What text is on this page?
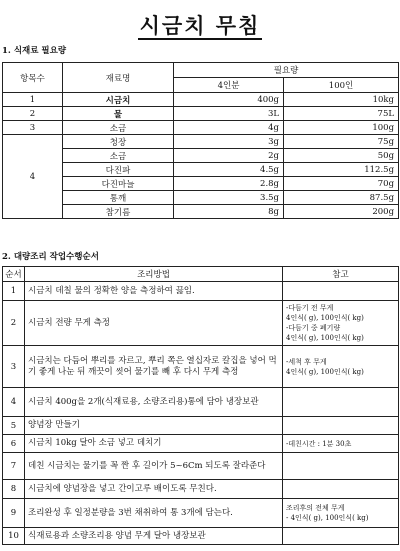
시금치 무침
1. 식재료 필요량
항목수	재료명	필요량	
		4인분	100인
1	시금치	400g	10kg
2	물	3L	75L
3	소금	4g	100g
4	청장	3g	75g
	소금	2g	50g
	다진파	4.5g	112.5g
	다진마늘	2.8g	70g
	통깨	3.5g	87.5g
	참기름	8g	200g
2. 대량조리 작업수행순서
순서	조리방법	참고
1	시금치 데칠 물의 정확한 양을 측정하여 끓임.	
2	시금치 전량 무게 측정	-다듬기 전 무게
4인식( g), 100인식( kg)
-다듬기 중 폐기량
4인식( g), 100인식( kg)

3	시금치는 다듬어 뿌리를 자르고, 뿌리 쪽은 열십자로 칼집을 넣어 먹기 좋게 나눈 뒤 깨끗이 씻어 물기를 빼 후 다시 무게 측정	-세척 후 무게
4인식( g), 100인식( kg)

4	시금치 400g을 2개(식재료용, 소량조리용)통에 담아 냉장보관	
5	양념장 만들기	
6	시금치 10kg 달아 소금 넣고 데치기	-데친시간 : 1분 30초

7	데친 시금치는 물기를 꼭 짠 후 길이가 5~6Cm 되도록 잘라준다	
8	시금치에 양념장을 넣고 간이고루 배이도록 무친다.	
9	조리완성 후 일정분량을 3번 채취하여 통 3개에 담는다.	조리후의 전체 무게
- 4인식( g), 100인식( kg)

10	식재료용과 소량조리용 양념 무게 달아 냉장보관	
